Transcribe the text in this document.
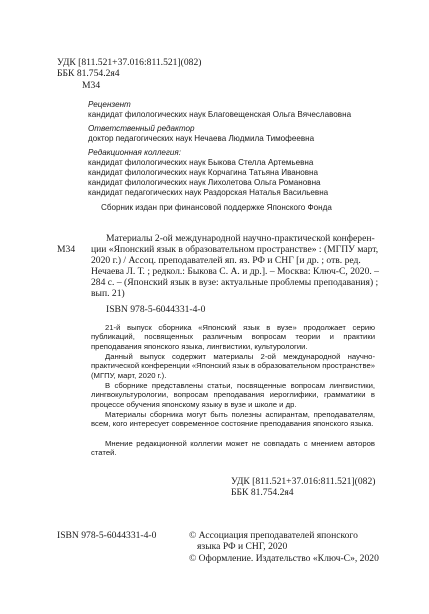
УДК [811.521+37.016:811.521](082)
ББК 81.754.2я4
М34
Рецензент
кандидат филологических наук Благовещенская Ольга Вячеславовна
Ответственный редактор
доктор педагогических наук Нечаева Людмила Тимофеевна
Редакционная коллегия:
кандидат филологических наук Быкова Стелла Артемьевна
кандидат филологических наук Корчагина Татьяна Ивановна
кандидат филологических наук Лихолетова Ольга Романовна
кандидат педагогических наук Раздорская Наталья Васильевна
Сборник издан при финансовой поддержке Японского Фонда
М34
Материалы 2-ой международной научно-практической конферен-
ции «Японский язык в образовательном пространстве» : (МГПУ март,
2020 г.) / Ассоц. преподавателей яп. яз. РФ и СНГ [и др. ; отв. ред.
Нечаева Л. Т. ; редкол.: Быкова С. А. и др.]. – Москва: Ключ-С, 2020. –
284 с. – (Японский язык в вузе: актуальные проблемы преподавания) ;
вып. 21)
ISBN 978-5-6044331-4-0
21-й выпуск сборника «Японский язык в вузе» продолжает серию публикаций, посвященных различным вопросам теории и практики преподавания японского языка, лингвистики, культурологии.
Данный выпуск содержит материалы 2-ой международной научно-практической конференции «Японский язык в образовательном пространстве» (МГПУ, март, 2020 г.).
В сборнике представлены статьи, посвященные вопросам лингвистики, лингвокультурологии, вопросам преподавания иероглифики, грамматики в процессе обучения японскому языку в вузе и школе и др.
Материалы сборника могут быть полезны аспирантам, преподавателям, всем, кого интересует современное состояние преподавания японского языка.
Мнение редакционной коллегии может не совпадать с мнением авторов статей.
УДК [811.521+37.016:811.521](082)
ББК 81.754.2я4
ISBN 978-5-6044331-4-0	© Ассоциация преподавателей японского
языка РФ и СНГ, 2020
© Оформление. Издательство «Ключ-С», 2020
